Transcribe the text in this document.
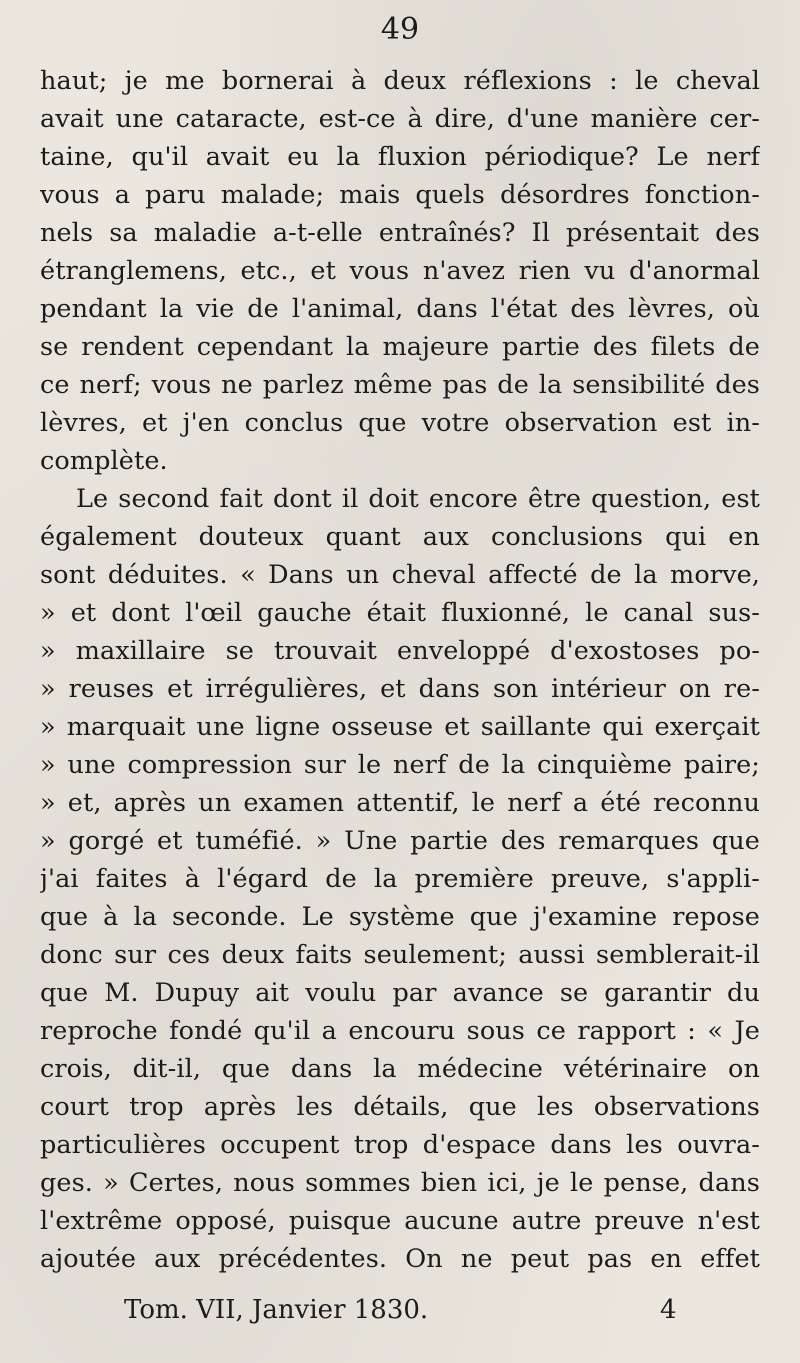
49
haut; je me bornerai à deux réflexions : le cheval
avait une cataracte, est-ce à dire, d'une manière cer-
taine, qu'il avait eu la fluxion périodique? Le nerf
vous a paru malade; mais quels désordres fonction-
nels sa maladie a-t-elle entraînés? Il présentait des
étranglemens, etc., et vous n'avez rien vu d'anormal
pendant la vie de l'animal, dans l'état des lèvres, où
se rendent cependant la majeure partie des filets de
ce nerf; vous ne parlez même pas de la sensibilité des
lèvres, et j'en conclus que votre observation est in-
complète.
Le second fait dont il doit encore être question, est
également douteux quant aux conclusions qui en
sont déduites. « Dans un cheval affecté de la morve,
» et dont l'œil gauche était fluxionné, le canal sus-
» maxillaire se trouvait enveloppé d'exostoses po-
» reuses et irrégulières, et dans son intérieur on re-
» marquait une ligne osseuse et saillante qui exerçait
» une compression sur le nerf de la cinquième paire;
» et, après un examen attentif, le nerf a été reconnu
» gorgé et tuméfié. » Une partie des remarques que
j'ai faites à l'égard de la première preuve, s'appli-
que à la seconde. Le système que j'examine repose
donc sur ces deux faits seulement; aussi semblerait-il
que M. Dupuy ait voulu par avance se garantir du
reproche fondé qu'il a encouru sous ce rapport : « Je
crois, dit-il, que dans la médecine vétérinaire on
court trop après les détails, que les observations
particulières occupent trop d'espace dans les ouvra-
ges. » Certes, nous sommes bien ici, je le pense, dans
l'extrême opposé, puisque aucune autre preuve n'est
ajoutée aux précédentes. On ne peut pas en effet
Tom. VII, Janvier 1830.	4
